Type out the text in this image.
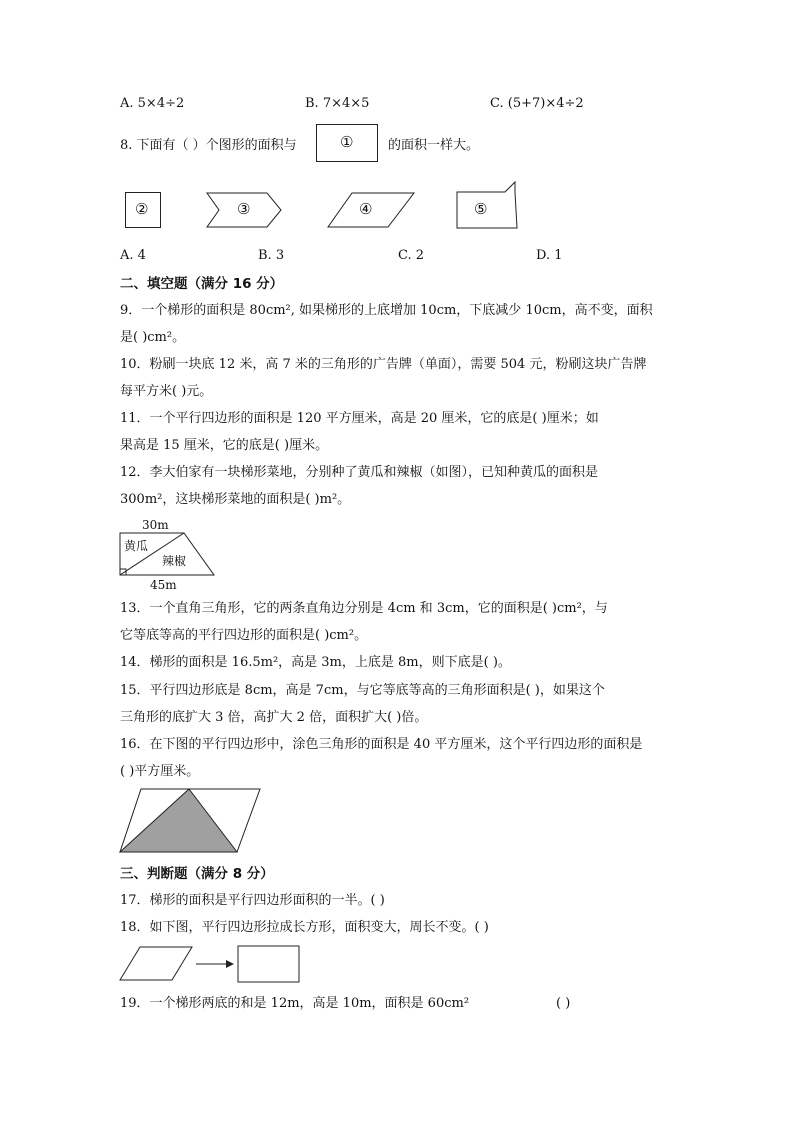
A. 5×4÷2	B. 7×4×5	C. (5+7)×4÷2
8. 下面有（ ）个图形的面积与	①	的面积一样大。
②	③	④	⑤
A. 4	B. 3	C. 2	D. 1
二、填空题（满分 16 分）
9．一个梯形的面积是 80cm², 如果梯形的上底增加 10cm，下底减少 10cm，高不变，面积
是( )cm²。
10．粉刷一块底 12 米，高 7 米的三角形的广告牌（单面），需要 504 元，粉刷这块广告牌
每平方米( )元。
11．一个平行四边形的面积是 120 平方厘米，高是 20 厘米，它的底是( )厘米；如
果高是 15 厘米，它的底是( )厘米。
12．李大伯家有一块梯形菜地，分别种了黄瓜和辣椒（如图），已知种黄瓜的面积是
300m²，这块梯形菜地的面积是( )m²。
30m
黄瓜
辣椒
45m
13．一个直角三角形，它的两条直角边分别是 4cm 和 3cm，它的面积是( )cm²，与
它等底等高的平行四边形的面积是( )cm²。
14．梯形的面积是 16.5m²，高是 3m，上底是 8m，则下底是( )。
15．平行四边形底是 8cm，高是 7cm，与它等底等高的三角形面积是( )，如果这个
三角形的底扩大 3 倍，高扩大 2 倍，面积扩大( )倍。
16．在下图的平行四边形中，涂色三角形的面积是 40 平方厘米，这个平行四边形的面积是
( )平方厘米。
三、判断题（满分 8 分）
17．梯形的面积是平行四边形面积的一半。( )
18．如下图，平行四边形拉成长方形，面积变大，周长不变。( )
19．一个梯形两底的和是 12m，高是 10m，面积是 60cm²	( )
